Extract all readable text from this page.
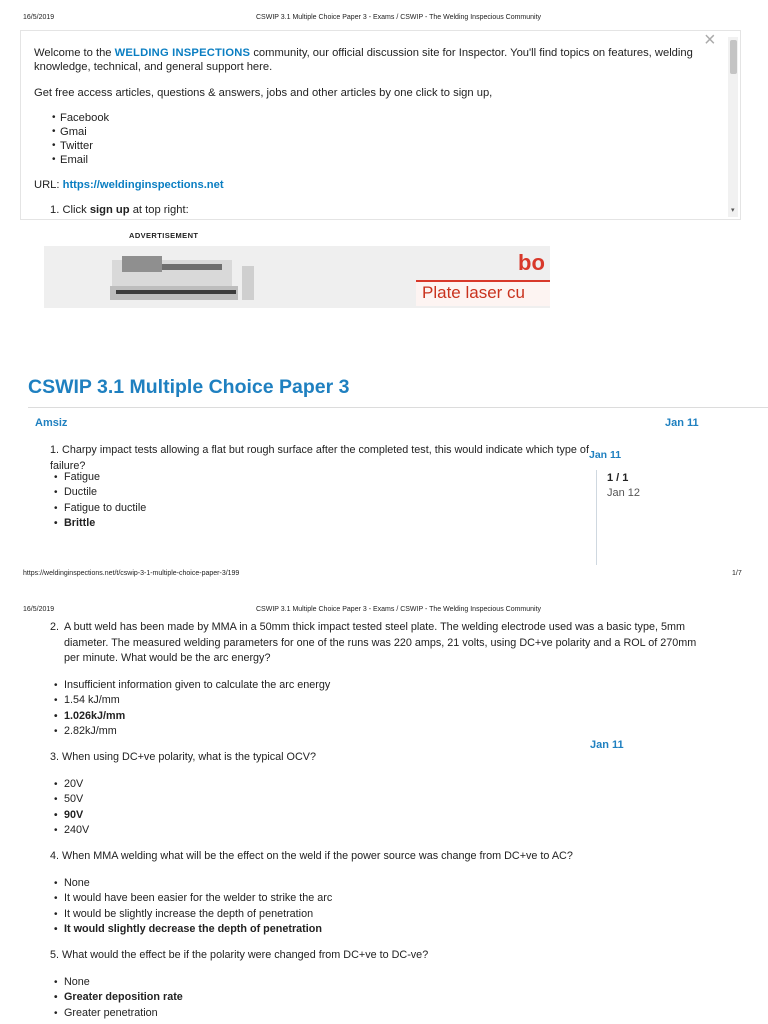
16/5/2019	CSWIP 3.1 Multiple Choice Paper 3 - Exams / CSWIP - The Welding Inspecious Community
×
▾

Welcome to the WELDING INSPECTIONS community, our official discussion site for Inspector. You'll find topics on features, welding knowledge, technical, and general support here.

Get free access articles, questions & answers, jobs and other articles by one click to sign up,
• Facebook
• Gmai
• Twitter
• Email
URL: https://weldinginspections.net
1. Click sign up at top right:
ADVERTISEMENT
bo
Plate laser cu
CSWIP 3.1 Multiple Choice Paper 3
Amsiz	Jan 11
1. Charpy impact tests allowing a flat but rough surface after the completed test, this would indicate which type of failure?
Jan 11
• Fatigue
• Ductile
• Fatigue to ductile
• Brittle
1 / 1
Jan 12
https://weldinginspections.net/t/cswip-3-1-multiple-choice-paper-3/199	1/7
16/5/2019	CSWIP 3.1 Multiple Choice Paper 3 - Exams / CSWIP - The Welding Inspecious Community
2. A butt weld has been made by MMA in a 50mm thick impact tested steel plate. The welding electrode used was a basic type, 5mm diameter. The measured welding parameters for one of the runs was 220 amps, 21 volts, using DC+ve polarity and a ROL of 270mm per minute. What would be the arc energy?
• Insufficient information given to calculate the arc energy
• 1.54 kJ/mm
• 1.026kJ/mm
• 2.82kJ/mm
Jan 11
3. When using DC+ve polarity, what is the typical OCV?
• 20V
• 50V
• 90V
• 240V
4. When MMA welding what will be the effect on the weld if the power source was change from DC+ve to AC?
• None
• It would have been easier for the welder to strike the arc
• It would be slightly increase the depth of penetration
• It would slightly decrease the depth of penetration
5. What would the effect be if the polarity were changed from DC+ve to DC-ve?
• None
• Greater deposition rate
• Greater penetration
